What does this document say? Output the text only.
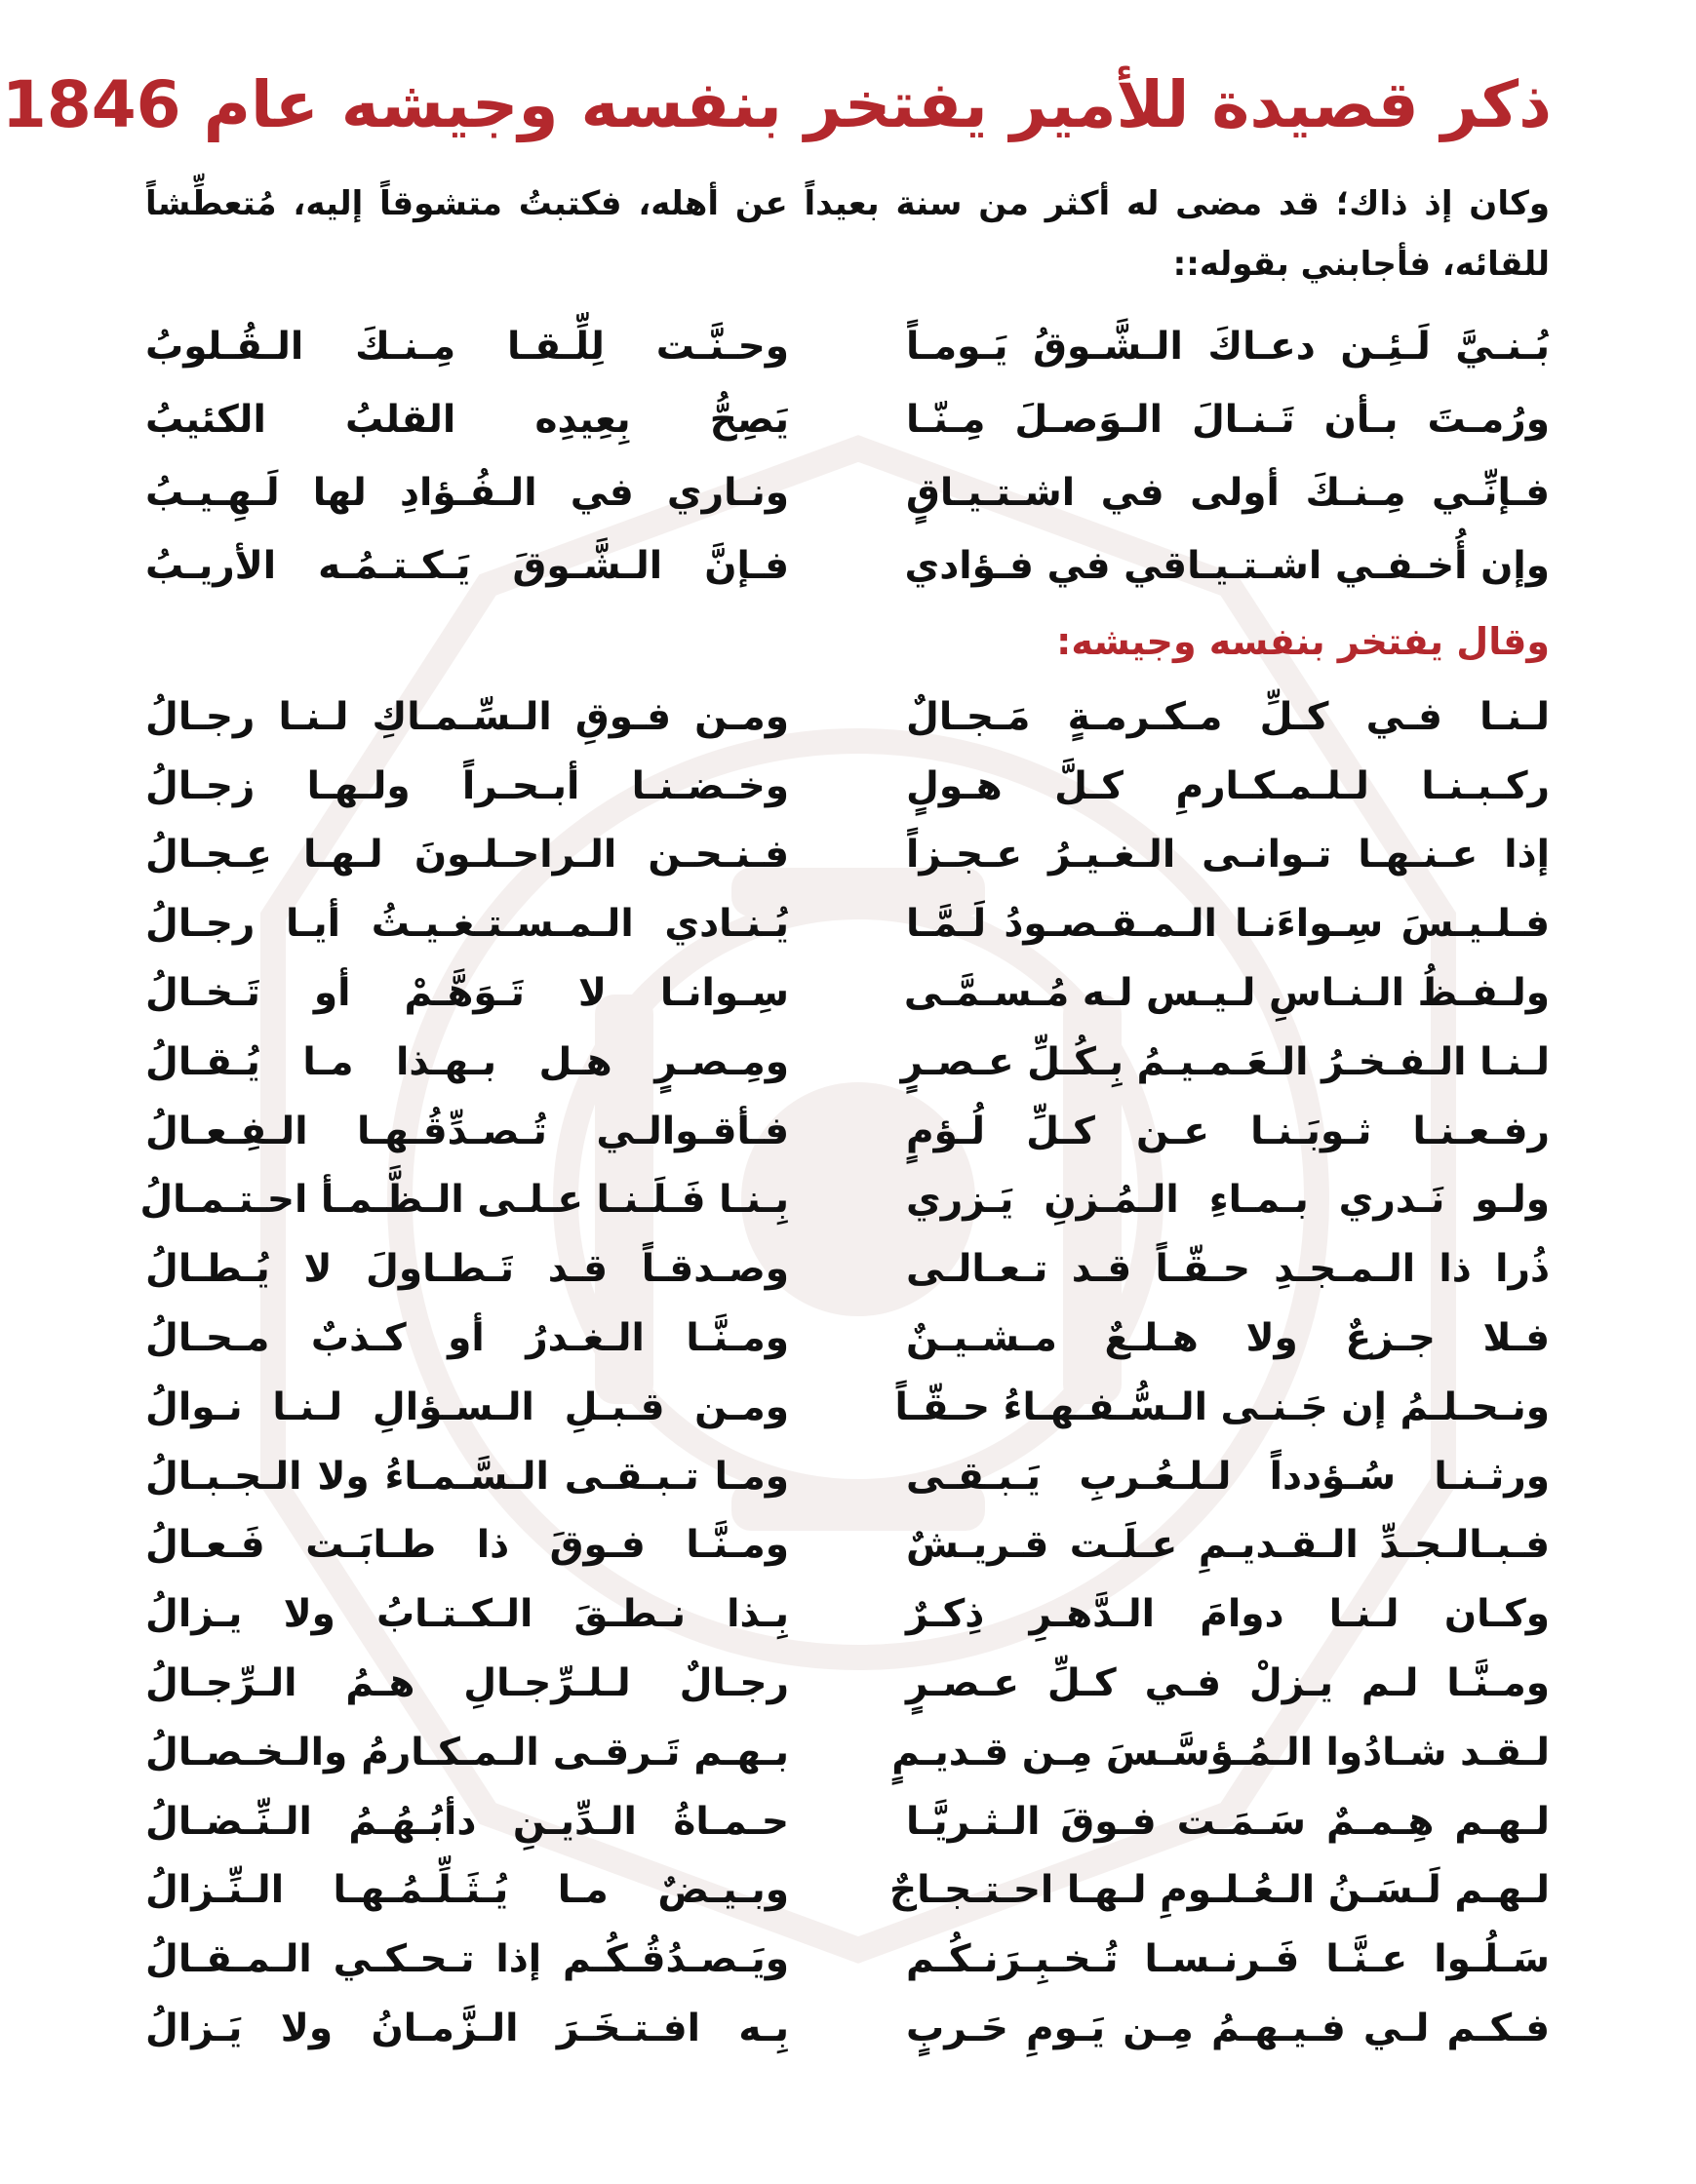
ذكر قصيدة للأمير يفتخر بنفسه وجيشه عام 1846

وكان إذ ذاك؛ قد مضى له أكثر من سنة بعيداً عن أهله، فكتبتُ متشوقاً إليه، مُتعطِّشاً للقائه، فأجابني بقوله::

بُـنـيَّ لَـئِـن دعـاكَ الـشَّـوقُ يَـومـاً
وحـنَّـت لِلِّـقـا مِـنـكَ الـقُـلوبُ
ورُمـتَ بـأن تَـنـالَ الـوَصـلَ مِـنّـا
يَصِحُّ بِعِيدِه القلبُ الكئيبُ
فـإنِّـي مِـنـكَ أولى في اشـتـيـاقٍ
ونـاري في الـفُـؤادِ لها لَـهِـيـبُ
وإن أُخـفـي اشـتـيـاقي في فـؤادي
فـإنَّ الـشَّـوقَ يَـكـتـمُـه الأريـبُ
وقال يفتخر بنفسه وجيشه:
لـنـا فـي كـلِّ مـكـرمـةٍ مَـجـالٌ
ومـن فـوقِ الـسِّـمـاكِ لـنـا رجـالُ
ركـبـنـا لـلـمـكـارمِ كـلَّ هـولٍ
وخـضـنـا أبـحـراً ولـهـا زجـالُ
إذا عـنـهـا تـوانـى الـغـيـرُ عـجـزاً
فـنـحـن الـراحـلـونَ لـهـا عِـجـالُ
فـلـيـسَ سِـواءَنـا الـمـقـصـودُ لَـمَّـا
يُـنـادي الـمـسـتـغـيـثُ أيـا رجـالُ
ولـفـظُ الـنـاسِ لـيـس لـه مُـسـمَّـى
سِـوانـا لا تَـوَهَّـمْ أو تَـخـالُ
لـنـا الـفـخـرُ الـعَـمـيـمُ بِـكُـلِّ عـصـرٍ
ومِـصـرٍ هـل بـهـذا مـا يُـقـالُ
رفـعـنـا ثـوبَـنـا عـن كـلِّ لُـؤمٍ
فـأقـوالـي تُـصـدِّقُـهـا الـفِـعـالُ
ولـو نَـدري بـمـاءِ الـمُـزنِ يَـزري
بِـنـا فَـلَـنـا عـلـى الـظَّـمـأ احـتـمـالُ
ذُرا ذا الـمـجـدِ حـقّـاً قـد تـعـالـى
وصـدقـاً قـد تَـطـاولَ لا يُـطـالُ
فـلا جـزعٌ ولا هـلـعٌ مـشـيـنٌ
ومـنَّـا الـغـدرُ أو كـذبٌ مـحـالُ
ونـحـلـمُ إن جَـنـى الـسُّـفـهـاءُ حـقّـاً
ومـن قـبـلِ الـسـؤالِ لـنـا نـوالُ
ورثـنـا سُـؤدداً لـلـعُـربِ يَـبـقـى
ومـا تـبـقـى الـسَّـمـاءُ ولا الـجـبـالُ
فـبـالـجـدِّ الـقـديـمِ عـلَـت قـريـشٌ
ومـنَّـا فـوقَ ذا طـابَـت فَـعـالُ
وكـان لـنـا دوامَ الـدَّهـرِ ذِكـرٌ
بِـذا نـطـقَ الـكـتـابُ ولا يـزالُ
ومـنَّـا لـم يـزلْ فـي كـلِّ عـصـرٍ
رجـالٌ لـلـرِّجـالِ هـمُ الـرِّجـالُ
لـقـد شـادُوا الـمُـؤسَّـسَ مِـن قـديـمٍ
بـهـم تَـرقـى الـمـكـارمُ والـخـصـالُ
لـهـم هِـمـمٌ سَـمَـت فـوقَ الـثـريَّـا
حـمـاةُ الـدِّيـنِ دأبُـهُـمُ الـنِّـضـالُ
لـهـم لَـسَـنُ الـعُـلـومِ لـهـا احـتـجـاجٌ
وبـيـضٌ مـا يُـثَـلِّـمُـهـا الـنِّـزالُ
سَـلُـوا عـنَّـا فَـرنـسـا تُـخـبِـرَنـكُـم
ويَـصـدُقُـكُـم إذا تـحـكـي الـمـقـالُ
فـكـم لـي فـيـهـمُ مِـن يَـومِ حَـربٍ
بِـه افـتـخَـرَ الـزَّمـانُ ولا يَـزالُ
